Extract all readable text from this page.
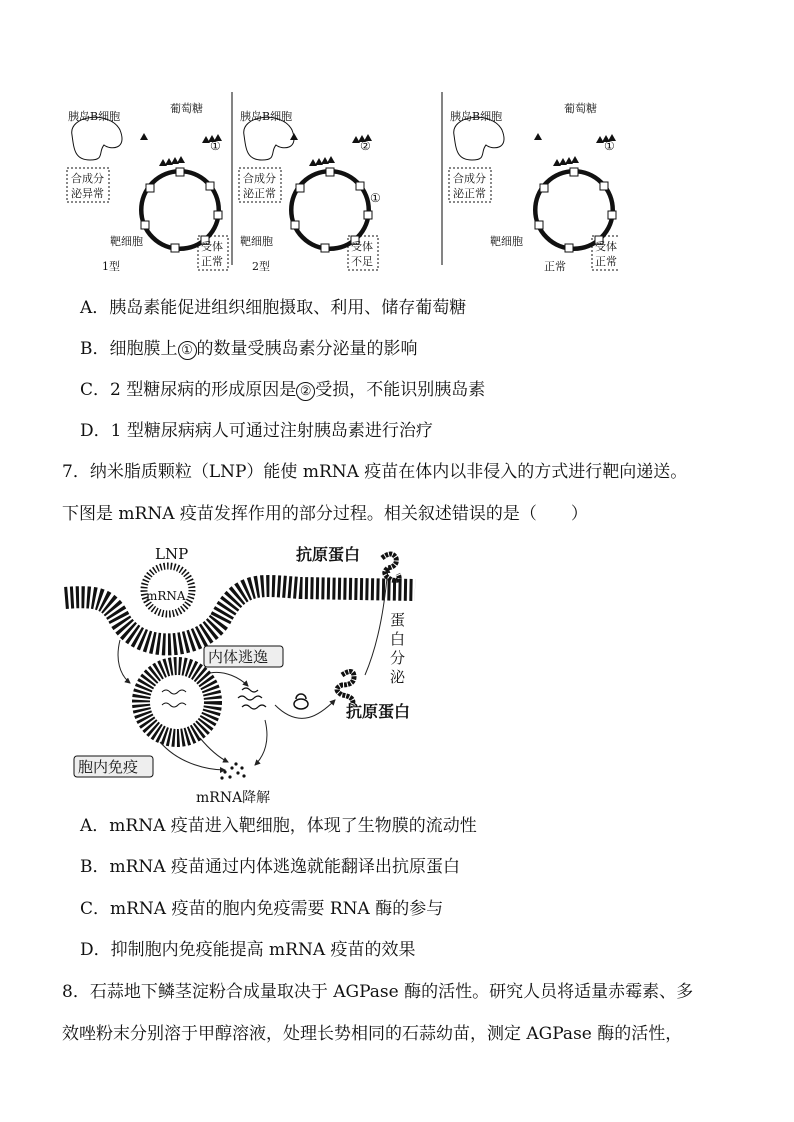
胰岛B细胞
合成分
泌异常
葡萄糖
靶细胞	受体
正常
①
1型
胰岛B细胞
合成分
泌正常
靶细胞	受体
不足
②
①
2型
胰岛B细胞
合成分
泌正常
葡萄糖
靶细胞	受体
正常
①
正常
A．胰岛素能促进组织细胞摄取、利用、储存葡萄糖
B．细胞膜上 ① 的数量受胰岛素分泌量的影响
C．2 型糖尿病的形成原因是 ② 受损，不能识别胰岛素
D．1 型糖尿病病人可通过注射胰岛素进行治疗
7．纳米脂质颗粒（LNP）能使 mRNA 疫苗在体内以非侵入的方式进行靶向递送。
下图是 mRNA 疫苗发挥作用的部分过程。相关叙述错误的是（　　）
LNP
mRNA
抗原蛋白
抗原蛋白
蛋
白
分
泌
内体逃逸
胞内免疫
mRNA降解
A．mRNA 疫苗进入靶细胞，体现了生物膜的流动性
B．mRNA 疫苗通过内体逃逸就能翻译出抗原蛋白
C．mRNA 疫苗的胞内免疫需要 RNA 酶的参与
D．抑制胞内免疫能提高 mRNA 疫苗的效果
8．石蒜地下鳞茎淀粉合成量取决于 AGPase 酶的活性。研究人员将适量赤霉素、多
效唑粉末分别溶于甲醇溶液，处理长势相同的石蒜幼苗，测定 AGPase 酶的活性，
